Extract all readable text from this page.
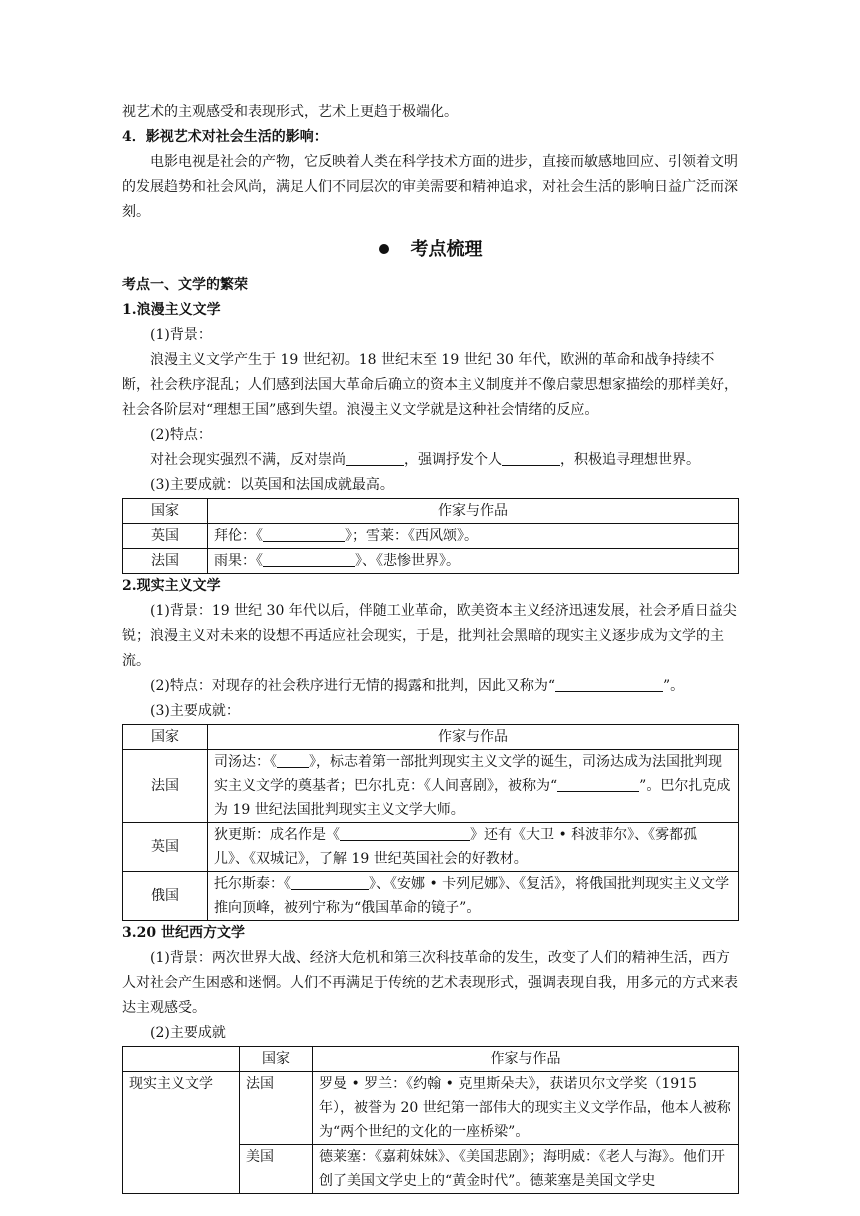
视艺术的主观感受和表现形式，艺术上更趋于极端化。

4．影视艺术对社会生活的影响：

电影电视是社会的产物，它反映着人类在科学技术方面的进步，直接而敏感地回应、引领着文明的发展趋势和社会风尚，满足人们不同层次的审美需要和精神追求，对社会生活的影响日益广泛而深刻。

考点梳理

考点一、文学的繁荣

1.浪漫主义文学

(1)背景：

浪漫主义文学产生于 19 世纪初。18 世纪末至 19 世纪 30 年代，欧洲的革命和战争持续不断，社会秩序混乱；人们感到法国大革命后确立的资本主义制度并不像启蒙思想家描绘的那样美好，社会各阶层对“理想王国”感到失望。浪漫主义文学就是这种社会情绪的反应。

(2)特点：

对社会现实强烈不满，反对崇尚	，强调抒发个人	，积极追寻理想世界。

(3)主要成就：以英国和法国成就最高。

国家	作家与作品
英国	拜伦：《 》；雪莱：《西风颂》。
法国	雨果：《 》、《悲惨世界》。

2.现实主义文学

(1)背景：19 世纪 30 年代以后，伴随工业革命，欧美资本主义经济迅速发展，社会矛盾日益尖锐；浪漫主义对未来的设想不再适应社会现实，于是，批判社会黑暗的现实主义逐步成为文学的主流。

(2)特点：对现存的社会秩序进行无情的揭露和批判，因此又称为“	”。

(3)主要成就：

国家	作家与作品
法国	司汤达：《 》，标志着第一部批判现实主义文学的诞生，司汤达成为法国批判现实主义文学的奠基者；巴尔扎克：《人间喜剧》，被称为“ ”。巴尔扎克成为 19 世纪法国批判现实主义文学大师。
英国	狄更斯：成名作是《 》还有《大卫 • 科波菲尔》、《雾都孤儿》、《双城记》，了解 19 世纪英国社会的好教材。
俄国	托尔斯泰：《 》、《安娜 • 卡列尼娜》、《复活》，将俄国批判现实主义文学推向顶峰，被列宁称为“俄国革命的镜子”。

3.20 世纪西方文学

(1)背景：两次世界大战、经济大危机和第三次科技革命的发生，改变了人们的精神生活，西方人对社会产生困惑和迷惘。人们不再满足于传统的艺术表现形式，强调表现自我，用多元的方式来表达主观感受。

(2)主要成就

	国家	作家与作品
现实主义文学	法国	罗曼 • 罗兰：《约翰 • 克里斯朵夫》，获诺贝尔文学奖（1915 年），被誉为 20 世纪第一部伟大的现实主义文学作品，他本人被称为“两个世纪的文化的一座桥梁”。
	美国	德莱塞：《嘉莉妹妹》、《美国悲剧》；海明威：《老人与海》。他们开创了美国文学史上的“黄金时代”。德莱塞是美国文学史
